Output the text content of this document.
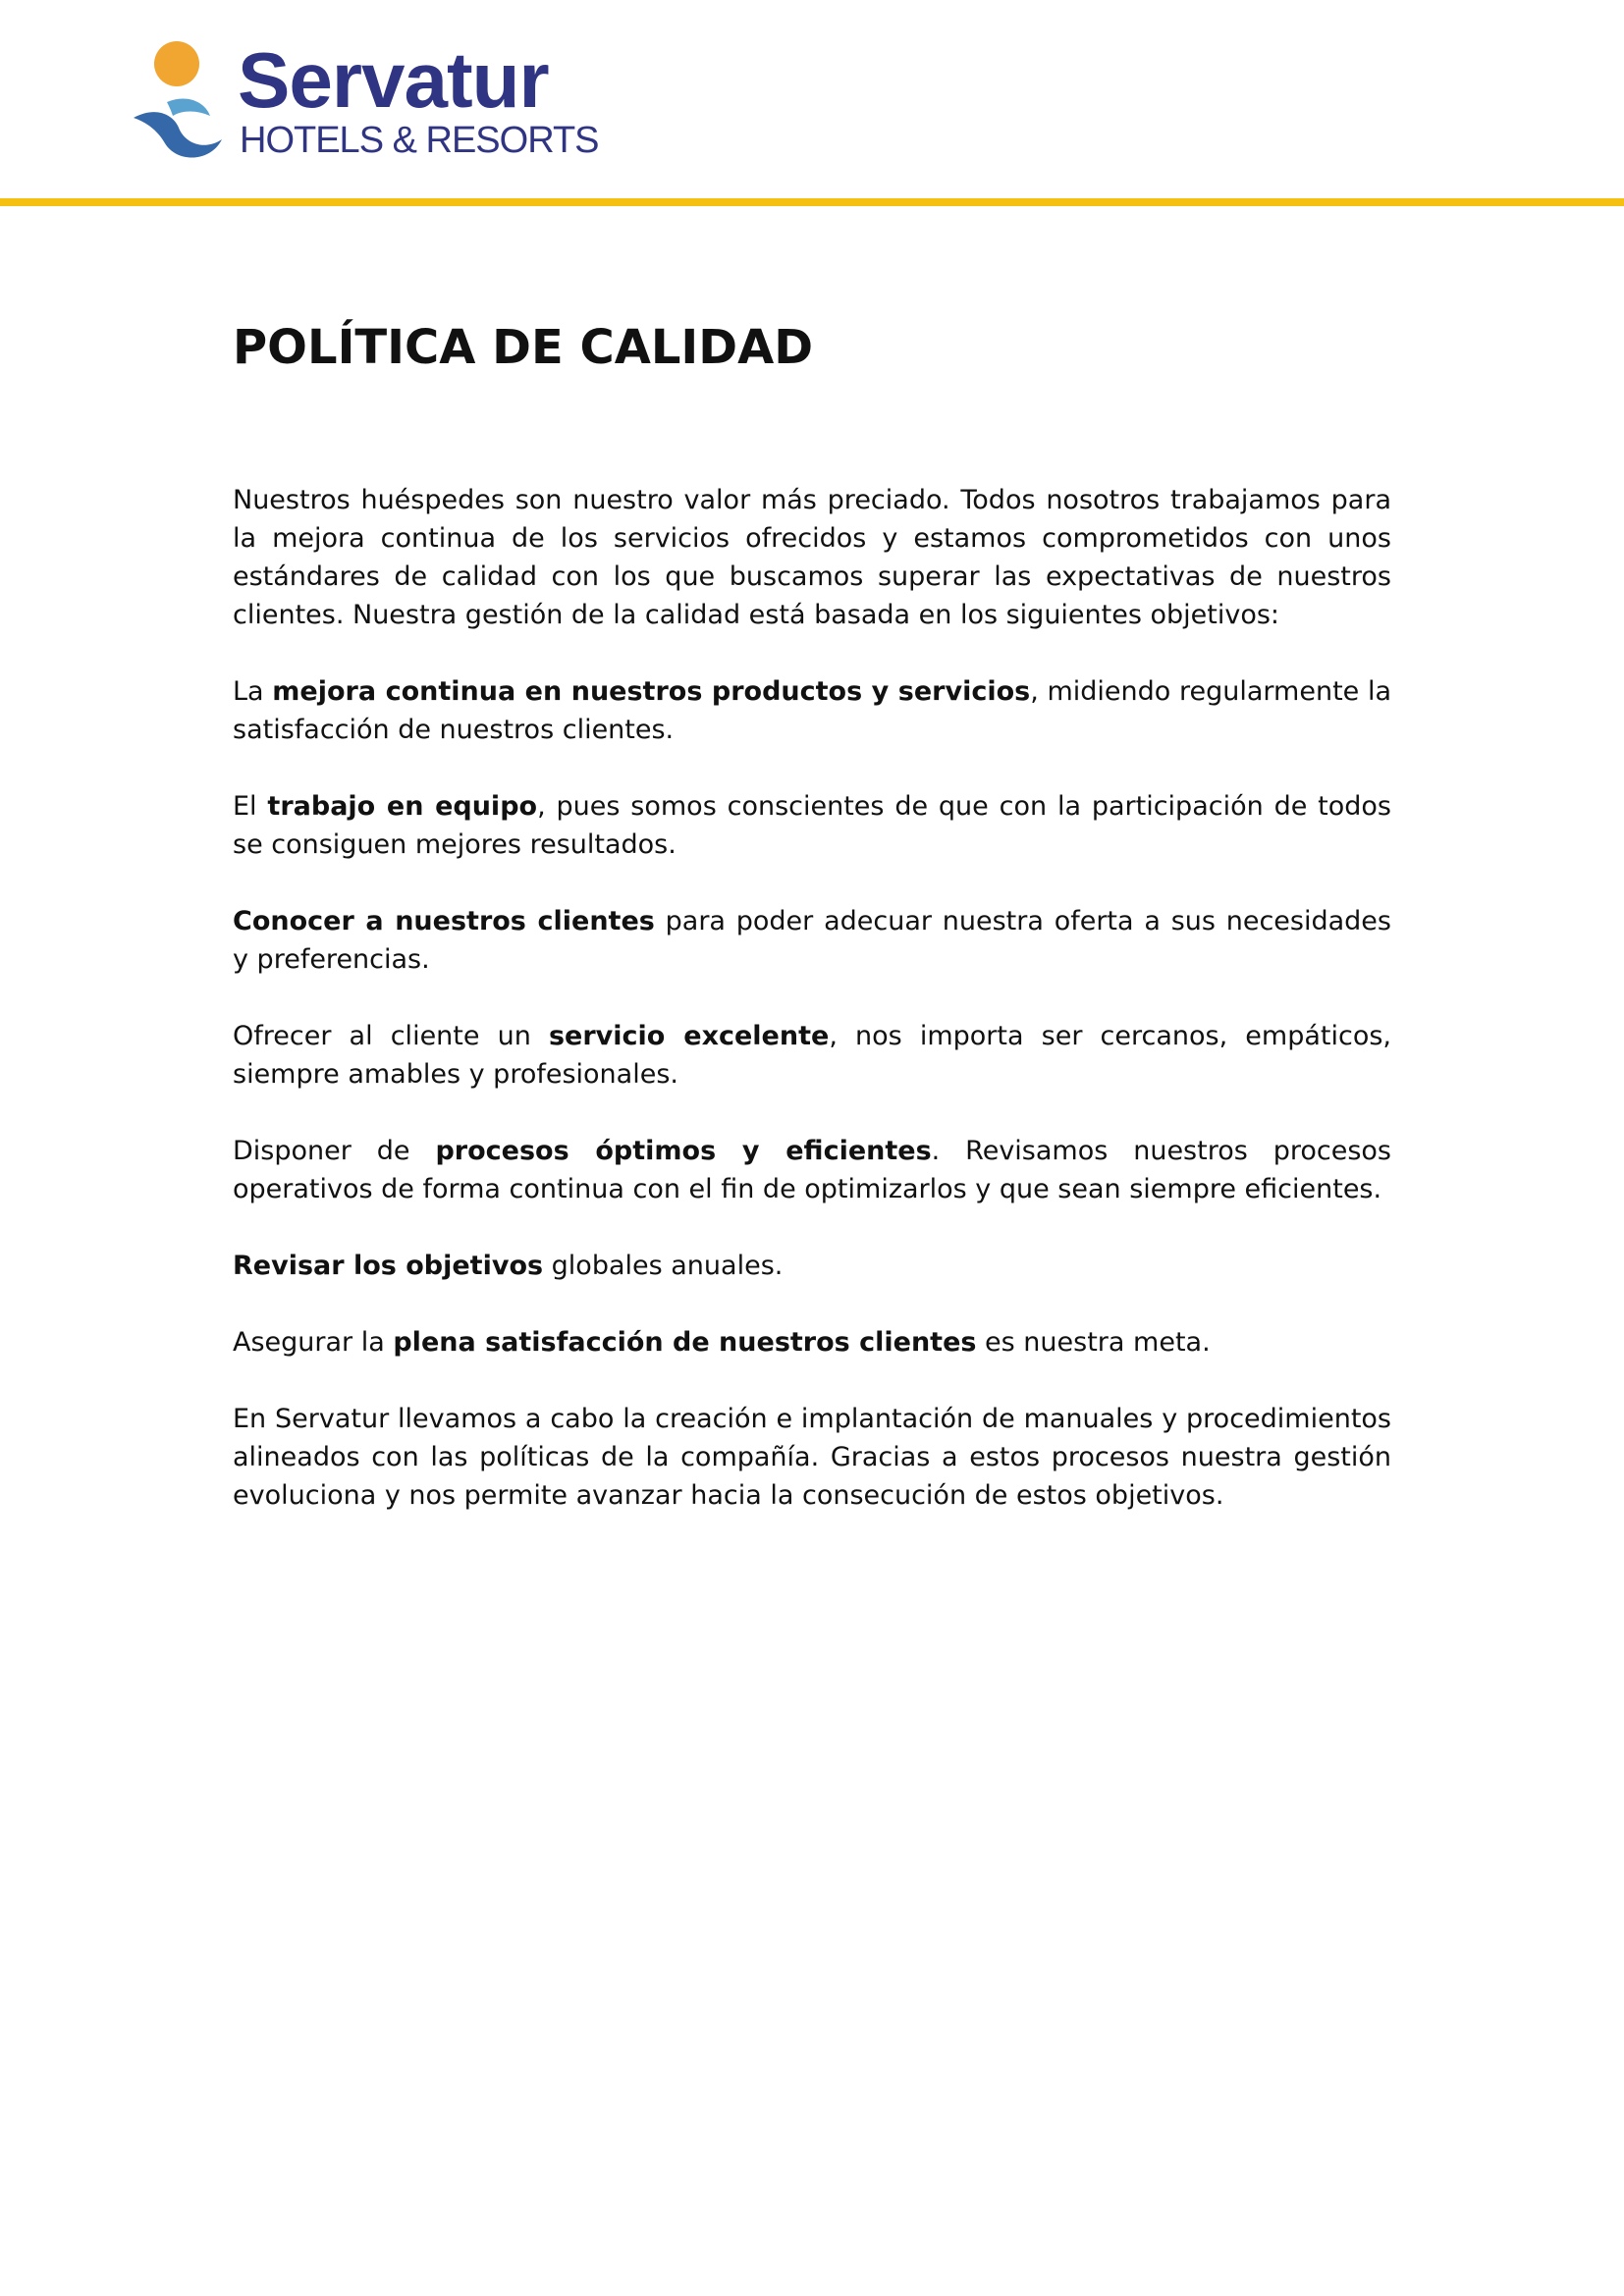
Servatur
HOTELS & RESORTS
POLÍTICA DE CALIDAD

Nuestros huéspedes son nuestro valor más preciado. Todos nosotros trabajamos para la mejora continua de los servicios ofrecidos y estamos comprometidos con unos estándares de calidad con los que buscamos superar las expectativas de nuestros clientes. Nuestra gestión de la calidad está basada en los siguientes objetivos:

La mejora continua en nuestros productos y servicios, midiendo regularmente la satisfacción de nuestros clientes.

El trabajo en equipo, pues somos conscientes de que con la participación de todos se consiguen mejores resultados.

Conocer a nuestros clientes para poder adecuar nuestra oferta a sus necesidades y preferencias.

Ofrecer al cliente un servicio excelente, nos importa ser cercanos, empáticos, siempre amables y profesionales.

Disponer de procesos óptimos y eficientes. Revisamos nuestros procesos operativos de forma continua con el fin de optimizarlos y que sean siempre eficientes.

Revisar los objetivos globales anuales.

Asegurar la plena satisfacción de nuestros clientes es nuestra meta.

En Servatur llevamos a cabo la creación e implantación de manuales y procedimientos alineados con las políticas de la compañía. Gracias a estos procesos nuestra gestión evoluciona y nos permite avanzar hacia la consecución de estos objetivos.
